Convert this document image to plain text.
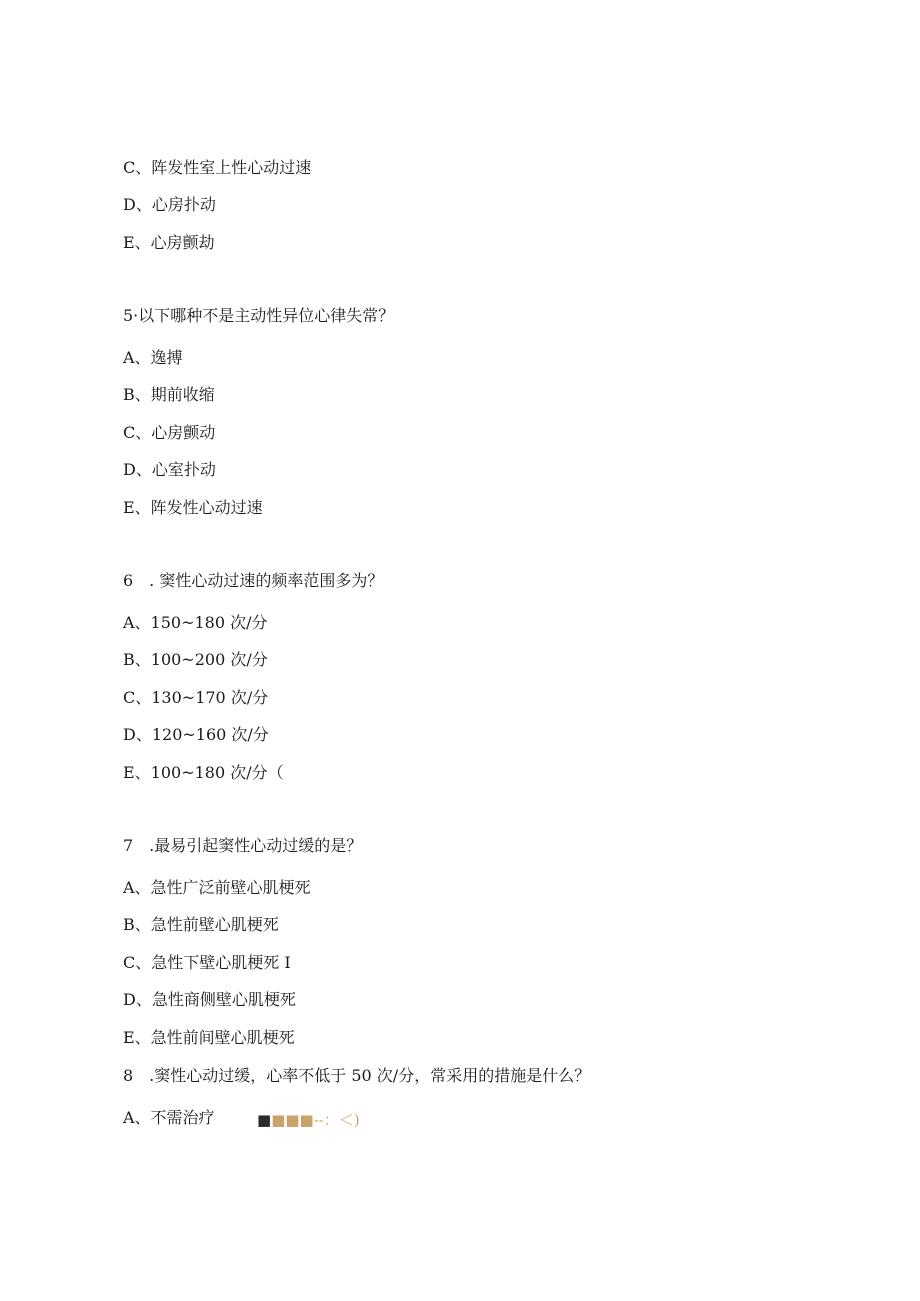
C、阵发性室上性心动过速
D、心房扑动
E、心房颤劫
5·以下哪种不是主动性异位心律失常？
A、逸搏
B、期前收缩
C、心房颤动
D、心室扑动
E、阵发性心动过速
6　. 窦性心动过速的频率范围多为？
A、150~180 次/分
B、100~200 次/分
C、130~170 次/分
D、120~160 次/分
E、100~180 次/分（
7　.最易引起窦性心动过缓的是？
A、急性广泛前壁心肌梗死
B、急性前壁心肌梗死
C、急性下壁心肌梗死 I
D、急性商侧壁心肌梗死
E、急性前间壁心肌梗死
8　.窦性心动过缓，心率不低于 50 次/分，常采用的措施是什么？
A、不需治疗	■■■■--：＜)
